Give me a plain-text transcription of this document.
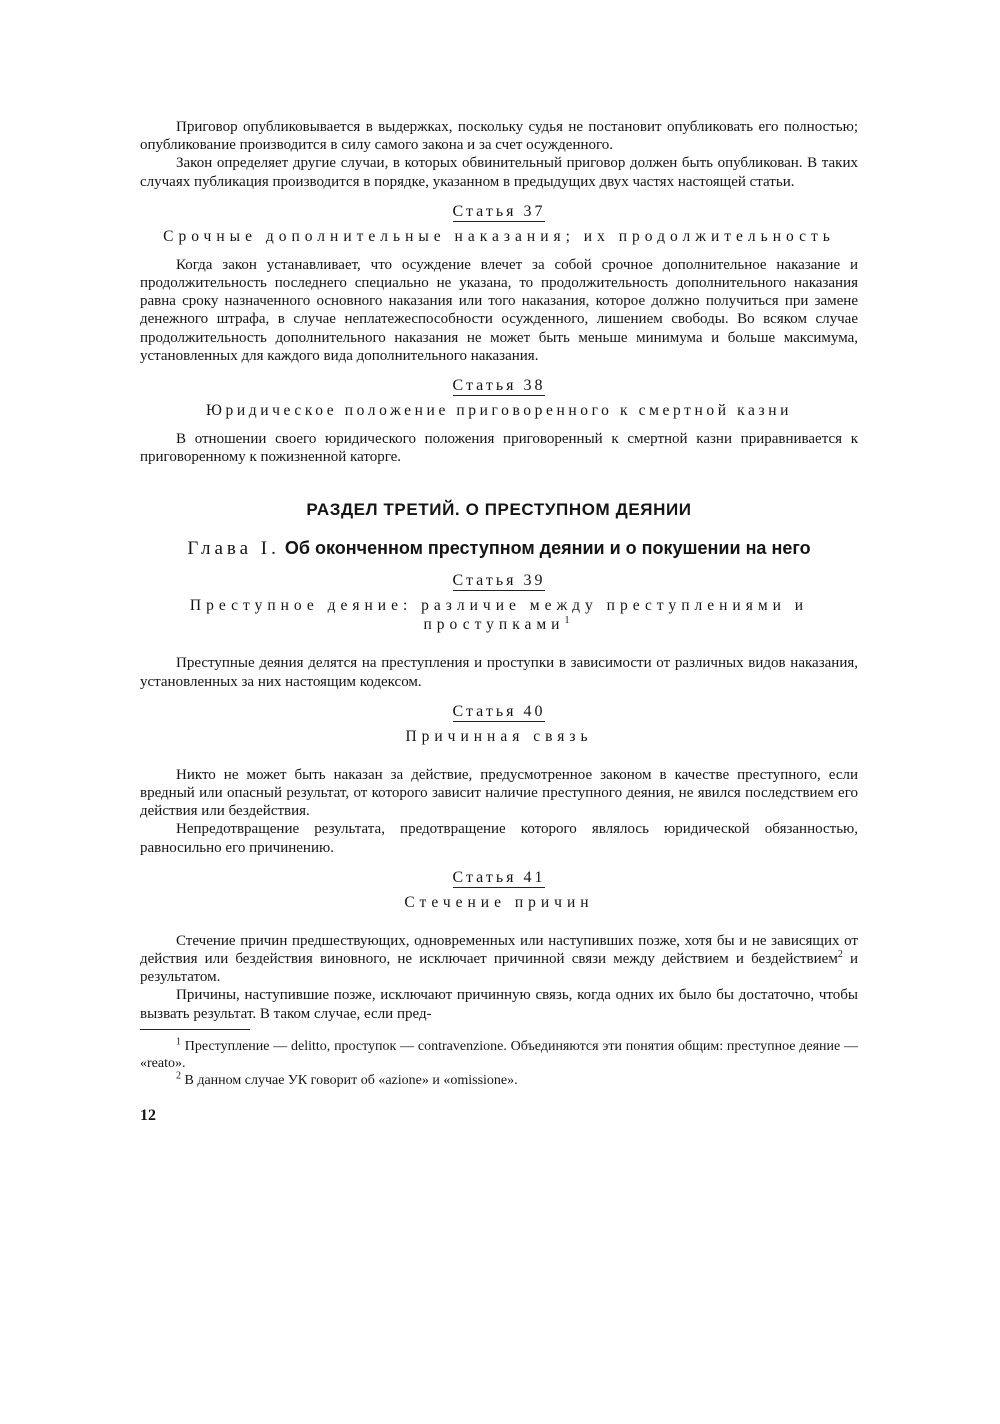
Приговор опубликовывается в выдержках, поскольку судья не постановит опубликовать его полностью; опубликование производится в силу самого закона и за счет осужденного.

Закон определяет другие случаи, в которых обвинительный приговор должен быть опубликован. В таких случаях публикация производится в порядке, указанном в предыдущих двух частях настоящей статьи.

Статья 37
Срочные дополнительные наказания; их продолжительность

Когда закон устанавливает, что осуждение влечет за собой срочное дополнительное наказание и продолжительность последнего специально не указана, то продолжительность дополнительного наказания равна сроку назначенного основного наказания или того наказания, которое должно получиться при замене денежного штрафа, в случае неплатежеспособности осужденного, лишением свободы. Во всяком случае продолжительность дополнительного наказания не может быть меньше минимума и больше максимума, установленных для каждого вида дополнительного наказания.

Статья 38
Юридическое положение приговоренного к смертной казни

В отношении своего юридического положения приговоренный к смертной казни приравнивается к приговоренному к пожизненной каторге.

РАЗДЕЛ ТРЕТИЙ. О ПРЕСТУПНОМ ДЕЯНИИ
Глава I. Об оконченном преступном деянии и о покушении на него
Статья 39
Преступное деяние: различие между преступлениями и проступками$^1$

Преступные деяния делятся на преступления и проступки в зависимости от различных видов наказания, установленных за них настоящим кодексом.

Статья 40
Причинная связь

Никто не может быть наказан за действие, предусмотренное законом в качестве преступного, если вредный или опасный результат, от которого зависит наличие преступного деяния, не явился последствием его действия или бездействия.

Непредотвращение результата, предотвращение которого являлось юридической обязанностью, равносильно его причинению.

Статья 41
Стечение причин

Стечение причин предшествующих, одновременных или наступивших позже, хотя бы и не зависящих от действия или бездействия виновного, не исключает причинной связи между действием и бездействием$^2$ и результатом.

Причины, наступившие позже, исключают причинную связь, когда одних их было бы достаточно, чтобы вызвать результат. В таком случае, если пред-

$^1$ Преступление — delitto, проступок — contravenzione. Объединяются эти понятия общим: преступное деяние — «reato».

$^2$ В данном случае УК говорит об «azione» и «omissione».

12
